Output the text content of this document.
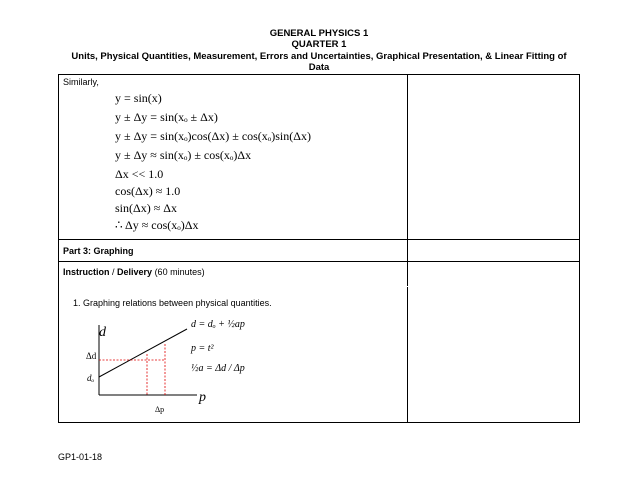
GENERAL PHYSICS 1
QUARTER 1
Units, Physical Quantities, Measurement, Errors and Uncertainties, Graphical Presentation, & Linear Fitting of
Data
Similarly,
y = sin(x)
y ± Δy = sin(xₒ ± Δx)
y ± Δy = sin(xₒ)cos(Δx) ± cos(xₒ)sin(Δx)
y ± Δy ≈ sin(xₒ) ± cos(xₒ)Δx
Δx << 1.0
cos(Δx) ≈ 1.0
sin(Δx) ≈ Δx
∴ Δy ≈ cos(xₒ)Δx
Part 3: Graphing
Instruction / Delivery (60 minutes)
1. Graphing relations between physical quantities.
d
p
Δd
dₒ
Δp
d = dₒ + ½ap
p = t²
½a = Δd / Δp
GP1-01-18
